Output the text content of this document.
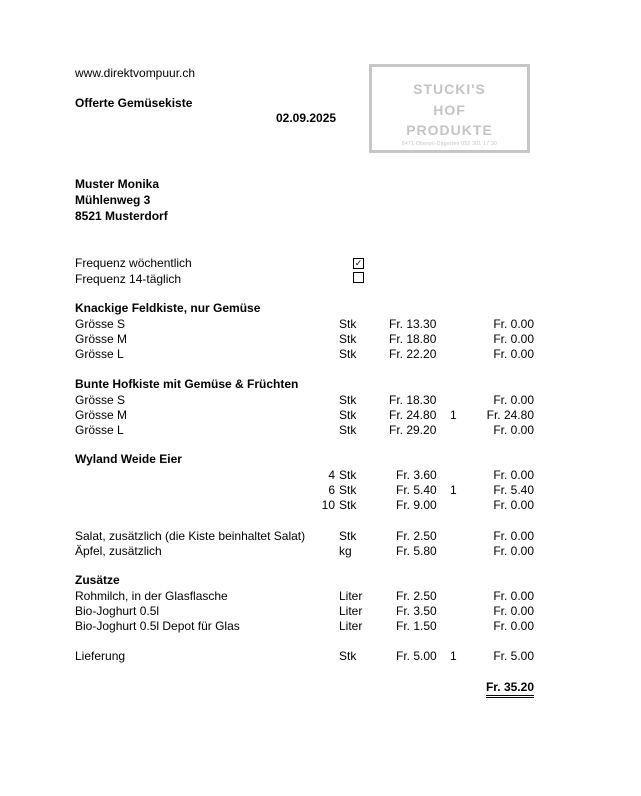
www.direktvompuur.ch
Offerte Gemüsekiste
02.09.2025
STUCKI'S
HOF
PRODUKTE
8471 Oberwil-Dägerlen 052 301 17 30
Muster Monika
Mühlenweg 3
8521 Musterdorf
Frequenz wöchentlich	✓
Frequenz 14-täglich
Knackige Feldkiste, nur Gemüse
Grösse S	Stk	Fr. 13.30	Fr. 0.00
Grösse M	Stk	Fr. 18.80	Fr. 0.00
Grösse L	Stk	Fr. 22.20	Fr. 0.00
Bunte Hofkiste mit Gemüse & Früchten
Grösse S	Stk	Fr. 18.30	Fr. 0.00
Grösse M	Stk	Fr. 24.80 1 Fr. 24.80
Grösse L	Stk	Fr. 29.20	Fr. 0.00
Wyland Weide Eier
4 Stk	Fr. 3.60	Fr. 0.00
6 Stk	Fr. 5.40 1	Fr. 5.40
10 Stk	Fr. 9.00	Fr. 0.00
Salat, zusätzlich (die Kiste beinhaltet Salat)	Stk	Fr. 2.50	Fr. 0.00
Äpfel, zusätzlich	kg	Fr. 5.80	Fr. 0.00
Zusätze
Rohmilch, in der Glasflasche	Liter	Fr. 2.50	Fr. 0.00
Bio-Joghurt 0.5l	Liter	Fr. 3.50	Fr. 0.00
Bio-Joghurt 0.5l Depot für Glas	Liter	Fr. 1.50	Fr. 0.00
Lieferung	Stk	Fr. 5.00 1	Fr. 5.00
Fr. 35.20
